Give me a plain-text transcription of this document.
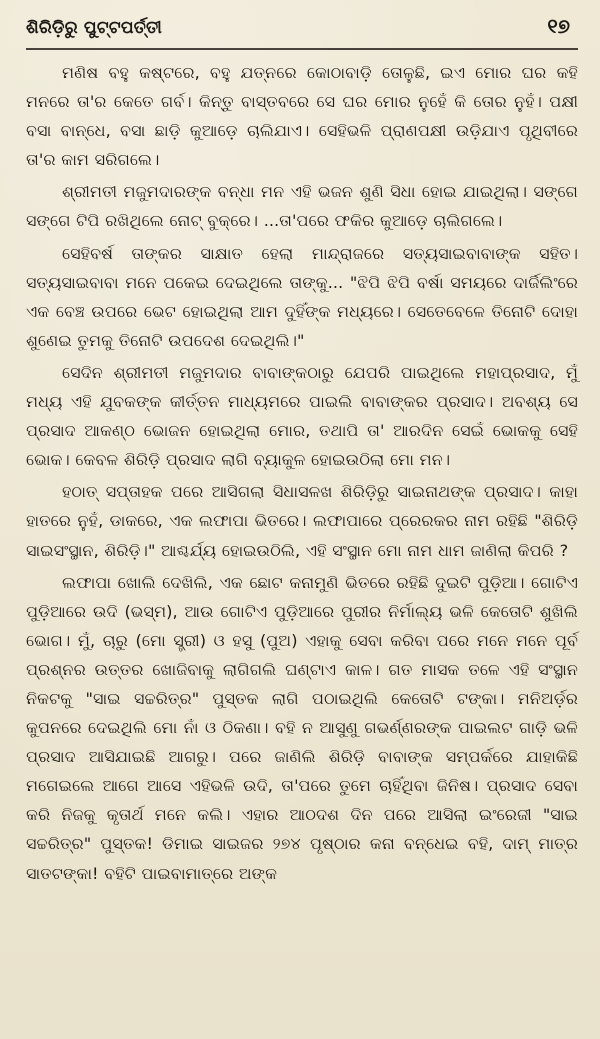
ଶିରିଡ଼ିରୁ ପୁଟ୍ଟପର୍ତ୍ତୀ	୧୭

ମଣିଷ ବହୁ କଷ୍ଟରେ, ବହୁ ଯତ୍ନରେ କୋଠାବାଡ଼ି ତୋଳୁଛି, ଇଏ ମୋର ଘର କହି ମନରେ ତା'ର କେତେ ଗର୍ବ। କିନ୍ତୁ ବାସ୍ତବରେ ସେ ଘର ମୋର ନୁହେଁ କି ତୋର ନୁହଁ। ପକ୍ଷୀ ବସା ବାନ୍ଧେ, ବସା ଛାଡ଼ି କୁଆଡ଼େ ଚାଲିଯାଏ। ସେହିଭଳି ପ୍ରାଣପକ୍ଷୀ ଉଡ଼ିଯାଏ ପୃଥିବୀରେ ତା'ର କାମ ସରିଗଲେ।

ଶ୍ରୀମତୀ ମଜୁମଦାରଙ୍କ ବନ୍ଧା ମନ ଏହି ଭଜନ ଶୁଣି ସିଧା ହୋଇ ଯାଇଥିଲା। ସଙ୍ଗେ ସଙ୍ଗେ ଟିପି ରଖିଥିଲେ ନୋଟ୍ ବୁକ୍‌ରେ। ...ତା'ପରେ ଫକିର କୁଆଡ଼େ ଚାଲିଗଲେ।

ସେହିବର୍ଷ ତାଙ୍କର ସାକ୍ଷାତ ହେଲା ମାନ୍ଦ୍ରାଜରେ ସତ୍ୟସାଇବାବାଙ୍କ ସହିତ। ସତ୍ୟସାଇବାବା ମନେ ପକେଇ ଦେଇଥିଲେ ତାଙ୍କୁ... "ଝିପି ଝିପି ବର୍ଷା ସମୟରେ ଦାର୍ଜିଲିଂରେ ଏକ ବେଞ୍ଚ ଉପରେ ଭେଟ ହୋଇଥିଲା ଆମ ଦୁହିଁଙ୍କ ମଧ୍ୟରେ। ସେତେବେଳେ ତିନୋଟି ଦୋହା ଶୁଣେଇ ତୁମକୁ ତିନୋଟି ଉପଦେଶ ଦେଇଥିଲି।"

ସେଦିନ ଶ୍ରୀମତୀ ମଜୁମଦାର ବାବାଙ୍କଠାରୁ ଯେପରି ପାଇଥିଲେ ମହାପ୍ରସାଦ, ମୁଁ ମଧ୍ୟ ଏହି ଯୁବକଙ୍କ କୀର୍ତ୍ତନ ମାଧ୍ୟମରେ ପାଇଲି ବାବାଙ୍କର ପ୍ରସାଦ। ଅବଶ୍ୟ ସେ ପ୍ରସାଦ ଆକଣ୍ଠ ଭୋଜନ ହୋଇଥିଲା ମୋର, ତଥାପି ତା' ଆରଦିନ ସେଇଁ ଭୋକକୁ ସେହି ଭୋକ। କେବଳ ଶିରିଡ଼ି ପ୍ରସାଦ ଲାଗି ବ୍ୟାକୁଳ ହୋଇଉଠିଲା ମୋ ମନ।

ହଠାତ୍ ସପ୍ତାହକ ପରେ ଆସିଗଲା ସିଧାସଳଖ ଶିରିଡ଼ିରୁ ସାଇନାଥଙ୍କ ପ୍ରସାଦ। କାହା ହାତରେ ନୁହଁ, ଡାକରେ, ଏକ ଲଫାପା ଭିତରେ। ଲଫାପାରେ ପ୍ରେରକର ନାମ ରହିଛି "ଶିରିଡ଼ି ସାଇସଂସ୍ଥାନ, ଶିରିଡ଼ି।" ଆଶ୍ଚର୍ଯ୍ୟ ହୋଇଉଠିଲି, ଏହି ସଂସ୍ଥାନ ମୋ ନାମ ଧାମ ଜାଣିଲା କିପରି ?

ଲଫାପା ଖୋଲି ଦେଖିଲି, ଏକ ଛୋଟ କନାମୁଣି ଭିତରେ ରହିଛି ଦୁଇଟି ପୁଡ଼ିଆ। ଗୋଟିଏ ପୁଡ଼ିଆରେ ଉଦି (ଭସ୍ମ), ଆଉ ଗୋଟିଏ ପୁଡ଼ିଆରେ ପୁରୀର ନିର୍ମାଲ୍ୟ ଭଳି କେତୋଟି ଶୁଖିଲି ଭୋଗ। ମୁଁ, ଚାରୁ (ମୋ ସ୍ତ୍ରୀ) ଓ ହସୁ (ପୁଅ) ଏହାକୁ ସେବା କରିବା ପରେ ମନେ ମନେ ପୂର୍ବ ପ୍ରଶ୍ନର ଉତ୍ତର ଖୋଜିବାକୁ ଲାଗିଗଲି ଘଣ୍ଟାଏ କାଳ। ଗତ ମାସକ ତଳେ ଏହି ସଂସ୍ଥାନ ନିକଟକୁ "ସାଇ ସଚ୍ଚରିତ୍ର" ପୁସ୍ତକ ଲାଗି ପଠାଇଥିଲି କେତୋଟି ଟଙ୍କା। ମନିଅର୍ଡ଼ର କୁପନରେ ଦେଇଥିଲି ମୋ ନାଁ ଓ ଠିକଣା। ବହି ନ ଆସୁଣୁ ଗଭର୍ଣ୍ଣରଙ୍କ ପାଇଲଟ ଗାଡ଼ି ଭଳି ପ୍ରସାଦ ଆସିଯାଇଛି ଆଗରୁ। ପରେ ଜାଣିଲି ଶିରିଡ଼ି ବାବାଙ୍କ ସମ୍ପର୍କରେ ଯାହାକିଛି ମଗେଇଲେ ଆଗେ ଆସେ ଏହିଭଳି ଉଦି, ତା'ପରେ ତୁମେ ଚାହିଁଥିବା ଜିନିଷ। ପ୍ରସାଦ ସେବା କରି ନିଜକୁ କୃତାର୍ଥ ମନେ କଲି। ଏହାର ଆଠଦଶ ଦିନ ପରେ ଆସିଲା ଇଂରେଜୀ "ସାଇ ସଚ୍ଚରିତ୍ର" ପୁସ୍ତକ! ଡିମାଇ ସାଇଜର ୨୭୪ ପୃଷ୍ଠାର କନା ବନ୍ଧେଇ ବହି, ଦାମ୍ ମାତ୍ର ସାତଟଙ୍କା! ବହିଟି ପାଇବାମାତ୍ରେ ଅଙ୍କ
